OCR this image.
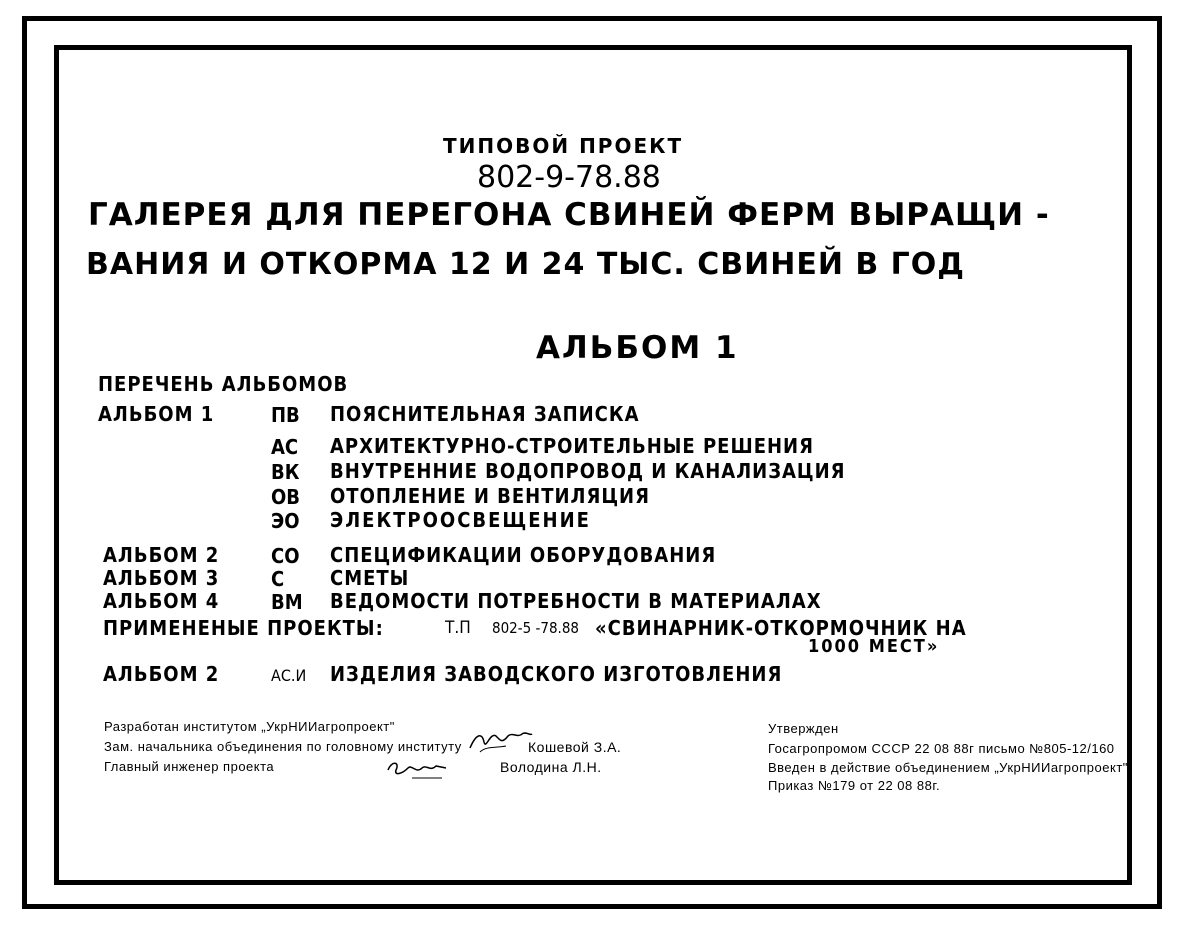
ТИПОВОЙ ПРОЕКТ
802-9-78.88
ГАЛЕРЕЯ ДЛЯ ПЕРЕГОНА СВИНЕЙ ФЕРМ ВЫРАЩИ -
ВАНИЯ И ОТКОРМА 12 И 24 ТЫС. СВИНЕЙ В ГОД
АЛЬБОМ 1
ПЕРЕЧЕНЬ АЛЬБОМОВ
АЛЬБОМ 1	ПВ ПОЯСНИТЕЛЬНАЯ ЗАПИСКА
АС АРХИТЕКТУРНО-СТРОИТЕЛЬНЫЕ РЕШЕНИЯ
ВК ВНУТРЕННИЕ ВОДОПРОВОД И КАНАЛИЗАЦИЯ
ОВ ОТОПЛЕНИЕ И ВЕНТИЛЯЦИЯ
ЭО ЭЛЕКТРООСВЕЩЕНИЕ
АЛЬБОМ 2	СО СПЕЦИФИКАЦИИ ОБОРУДОВАНИЯ
АЛЬБОМ 3	С СМЕТЫ
АЛЬБОМ 4	ВМ ВЕДОМОСТИ ПОТРЕБНОСТИ В МАТЕРИАЛАХ
ПРИМЕНЕНЫЕ ПРОЕКТЫ:	Т.П 802-5 -78.88 «СВИНАРНИК-ОТКОРМОЧНИК НА
1000 МЕСТ»
АЛЬБОМ 2	АС.И ИЗДЕЛИЯ ЗАВОДСКОГО ИЗГОТОВЛЕНИЯ
Разработан институтом „УкрНИИагропроект"
Зам. начальника объединения по головному институту	Кошевой З.А.
Главный инженер проекта	Володина Л.Н.
Утвержден
Госагропромом СССР 22 08 88г письмо №805-12/160
Введен в действие объединением „УкрНИИагропроект"
Приказ №179 от 22 08 88г.
